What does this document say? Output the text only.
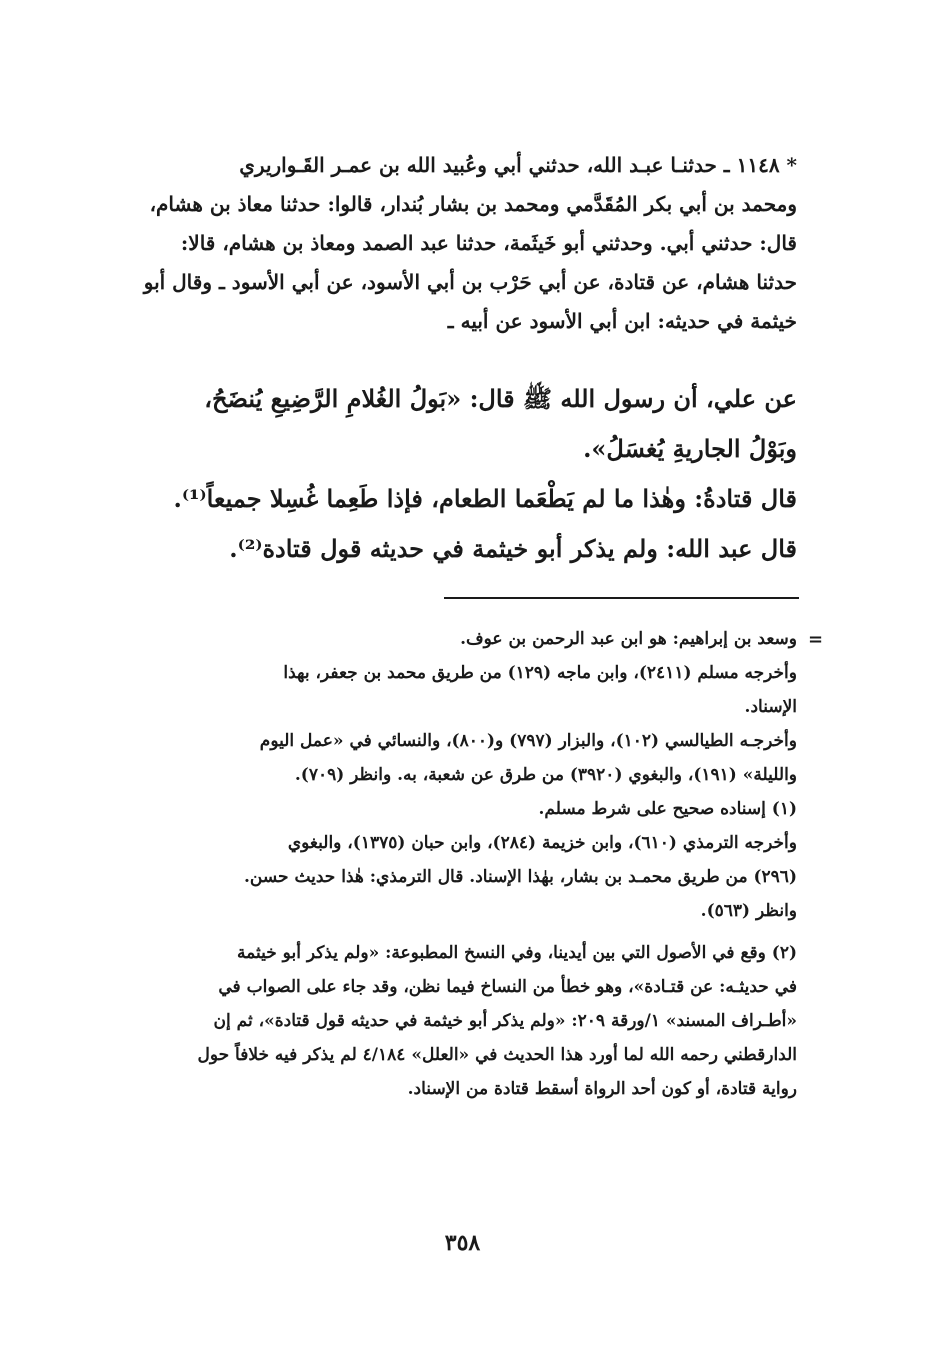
* ١١٤٨ ـ حدثنـا عبـد الله، حدثني أبي وعُبيد الله بن عمـر القَـواريري
ومحمد بن أبي بكر المُقَدَّمي ومحمد بن بشار بُندار، قالوا: حدثنا معاذ بن هشام،
قال: حدثني أبي. وحدثني أبو خَيثَمة، حدثنا عبد الصمد ومعاذ بن هشام، قالا:
حدثنا هشام، عن قتادة، عن أبي حَرْب بن أبي الأسود، عن أبي الأسود ـ وقال أبو
خيثمة في حديثه: ابن أبي الأسود عن أبيه ـ
عن علي، أن رسول الله ﷺ قال: «بَولُ الغُلامِ الرَّضِيعِ يُنضَحُ،
وبَوْلُ الجاريةِ يُغسَلُ».
قال قتادةُ: وهٰذا ما لم يَطْعَما الطعام، فإذا طَعِما غُسِلا جميعاً⁽¹⁾.
قال عبد الله: ولم يذكر أبو خيثمة في حديثه قول قتادة⁽²⁾.
=
وسعد بن إبراهيم: هو ابن عبد الرحمن بن عوف.
وأخرجه مسلم (٢٤١١)، وابن ماجه (١٢٩) من طريق محمد بن جعفر، بهذا
الإسناد.
وأخرجـه الطيالسي (١٠٢)، والبزار (٧٩٧) و(٨٠٠)، والنسائي في «عمل اليوم
والليلة» (١٩١)، والبغوي (٣٩٢٠) من طرق عن شعبة، به. وانظر (٧٠٩).
(١) إسناده صحيح على شرط مسلم.
وأخرجه الترمذي (٦١٠)، وابن خزيمة (٢٨٤)، وابن حبان (١٣٧٥)، والبغوي
(٢٩٦) من طريق محمـد بن بشار، بهٰذا الإسناد. قال الترمذي: هٰذا حديث حسن.
وانظر (٥٦٣).
(٢) وقع في الأصول التي بين أيدينا، وفي النسخ المطبوعة: «ولم يذكر أبو خيثمة
في حديثـه: عن قتـادة»، وهو خطأ من النساخ فيما نظن، وقد جاء على الصواب في
«أطـراف المسند» ١/ورقة ٢٠٩: «ولم يذكر أبو خيثمة في حديثه قول قتادة»، ثم إن
الدارقطني رحمه الله لما أورد هذا الحديث في «العلل» ٤/١٨٤ لم يذكر فيه خلافاً حول
رواية قتادة، أو كون أحد الرواة أسقط قتادة من الإسناد.
٣٥٨
